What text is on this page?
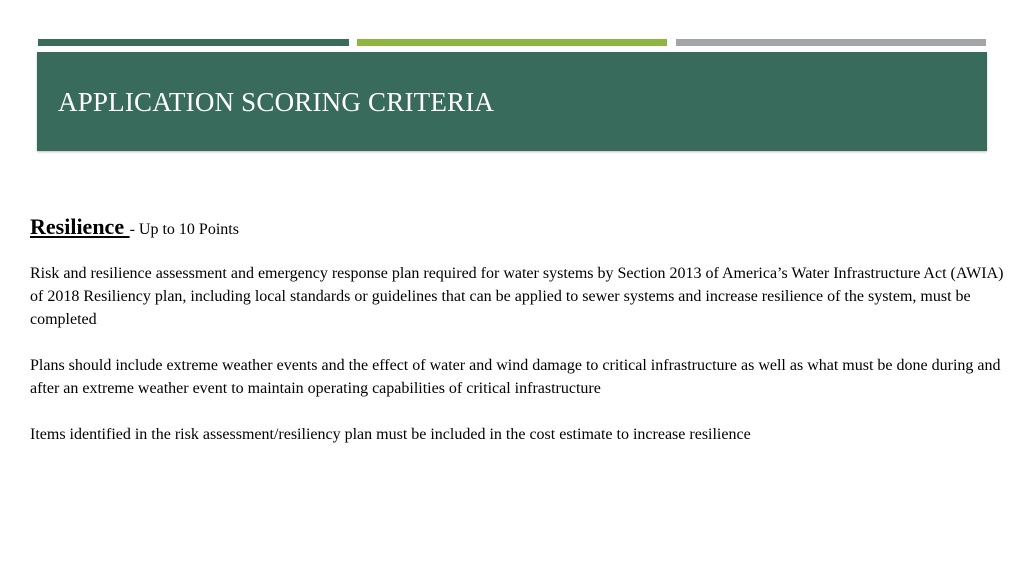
APPLICATION SCORING CRITERIA

Resilience - Up to 10 Points

Risk and resilience assessment and emergency response plan required for water systems by Section 2013 of America’s Water Infrastructure Act (AWIA) of 2018 Resiliency plan, including local standards or guidelines that can be applied to sewer systems and increase resilience of the system, must be completed

Plans should include extreme weather events and the effect of water and wind damage to critical infrastructure as well as what must be done during and after an extreme weather event to maintain operating capabilities of critical infrastructure

Items identified in the risk assessment/resiliency plan must be included in the cost estimate to increase resilience
